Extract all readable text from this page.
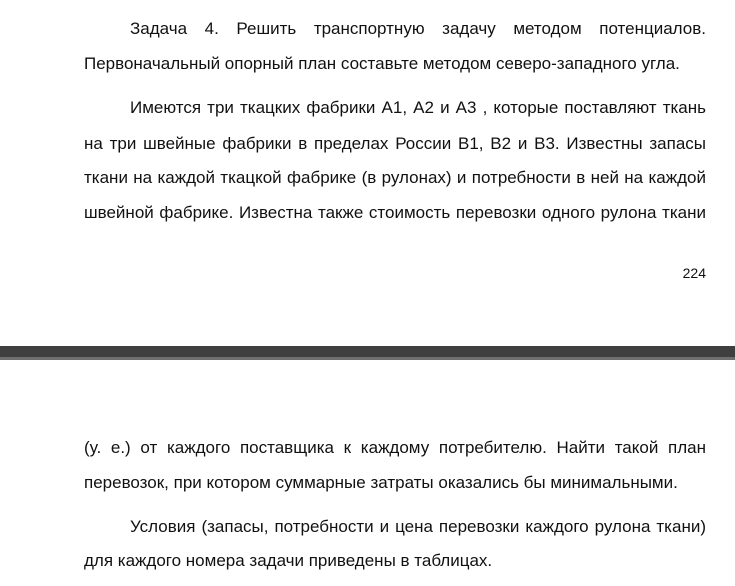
Задача 4. Решить транспортную задачу методом потенциалов.
Первоначальный опорный план составьте методом северо-западного угла.
Имеются три ткацких фабрики А1, А2 и А3 , которые поставляют ткань
на три швейные фабрики в пределах России В1, В2 и В3. Известны запасы
ткани на каждой ткацкой фабрике (в рулонах) и потребности в ней на каждой
швейной фабрике. Известна также стоимость перевозки одного рулона ткани
224
(у. е.) от каждого поставщика к каждому потребителю. Найти такой план
перевозок, при котором суммарные затраты оказались бы минимальными.
Условия (запасы, потребности и цена перевозки каждого рулона ткани)
для каждого номера задачи приведены в таблицах.
